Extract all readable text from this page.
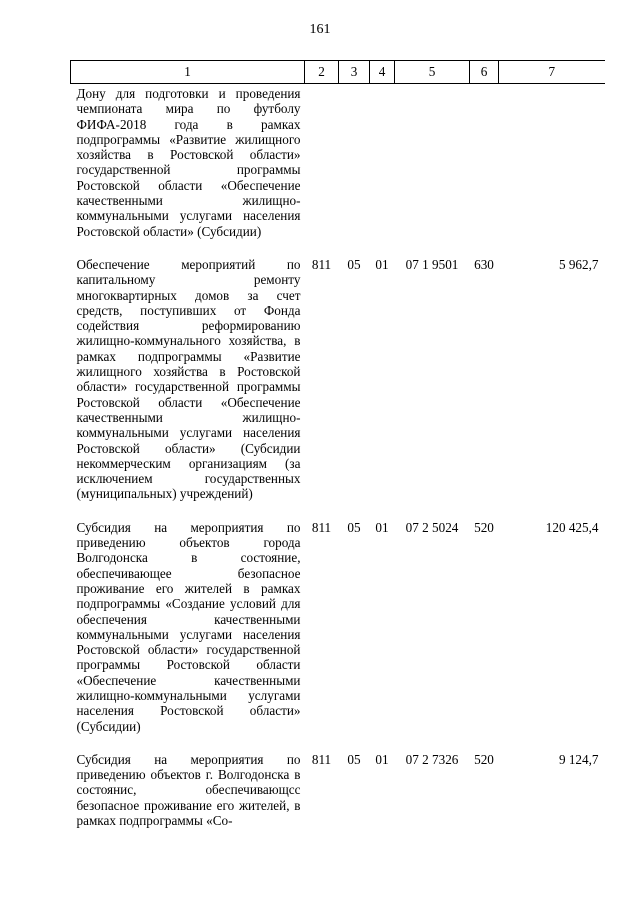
161
1	2	3	4	5	6	7
Дону для подготовки и проведения чемпионата мира по футболу ФИФА-2018 года в рамках подпрограммы «Развитие жилищного хозяйства в Ростовской области» государственной программы Ростовской области «Обеспечение качественными жилищно-коммунальными услугами населения Ростовской области» (Субсидии)						
Обеспечение мероприятий по капитальному ремонту многоквартирных домов за счет средств, поступивших от Фонда содействия реформированию жилищно-коммунального хозяйства, в рамках подпрограммы «Развитие жилищного хозяйства в Ростовской области» государственной программы Ростовской области «Обеспечение качественными жилищно-коммунальными услугами населения Ростовской области» (Субсидии некоммерческим организациям (за исключением государственных (муниципальных) учреждений)	811	05	01	07 1 9501	630	5 962,7
Субсидия на мероприятия по приведению объектов города Волгодонска в состояние, обеспечивающее безопасное проживание его жителей в рамках подпрограммы «Создание условий для обеспечения качественными коммунальными услугами населения Ростовской области» государственной программы Ростовской области «Обеспечение качественными жилищно-коммунальными услугами населения Ростовской области» (Субсидии)	811	05	01	07 2 5024	520	120 425,4
Субсидия на мероприятия по приведению объектов г. Волгодонска в состоянис, обеспечивающсс безопасное проживание его жителей, в рамках подпрограммы «Со-	811	05	01	07 2 7326	520	9 124,7
